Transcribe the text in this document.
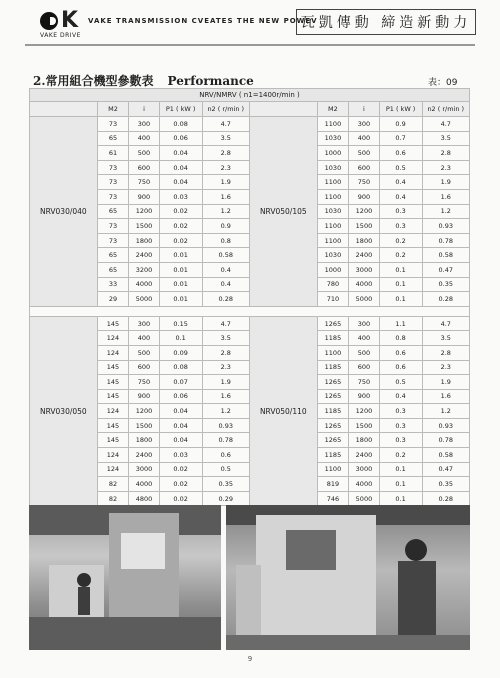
K
VAKE DRIVE
VAKE TRANSMISSION CVEATES THE NEW POWEV
瓦凱傳動 締造新動力
2.常用組合機型參數表 Performance	表：09
NRV/NMRV ( n1=1400r/min )									
	M2	i	P1 ( kW )	n2 ( r/min )		M2	i	P1 ( kW )	n2 ( r/min )
NRV030/040	73	300	0.08	4.7	NRV050/105	1100	300	0.9	4.7
	65	400	0.06	3.5		1030	400	0.7	3.5
	61	500	0.04	2.8		1000	500	0.6	2.8
	73	600	0.04	2.3		1030	600	0.5	2.3
	73	750	0.04	1.9		1100	750	0.4	1.9
	73	900	0.03	1.6		1100	900	0.4	1.6
	65	1200	0.02	1.2		1030	1200	0.3	1.2
	73	1500	0.02	0.9		1100	1500	0.3	0.93
	73	1800	0.02	0.8		1100	1800	0.2	0.78
	65	2400	0.01	0.58		1030	2400	0.2	0.58
	65	3200	0.01	0.4		1000	3000	0.1	0.47
	33	4000	0.01	0.4		780	4000	0.1	0.35
	29	5000	0.01	0.28		710	5000	0.1	0.28

NRV030/050	145	300	0.15	4.7	NRV050/110	1265	300	1.1	4.7
	124	400	0.1	3.5		1185	400	0.8	3.5
	124	500	0.09	2.8		1100	500	0.6	2.8
	145	600	0.08	2.3		1185	600	0.6	2.3
	145	750	0.07	1.9		1265	750	0.5	1.9
	145	900	0.06	1.6		1265	900	0.4	1.6
	124	1200	0.04	1.2		1185	1200	0.3	1.2
	145	1500	0.04	0.93		1265	1500	0.3	0.93
	145	1800	0.04	0.78		1265	1800	0.3	0.78
	124	2400	0.03	0.6		1185	2400	0.2	0.58
	124	3000	0.02	0.5		1100	3000	0.1	0.47
	82	4000	0.02	0.35		819	4000	0.1	0.35
	82	4800	0.02	0.29		746	5000	0.1	0.28
9
